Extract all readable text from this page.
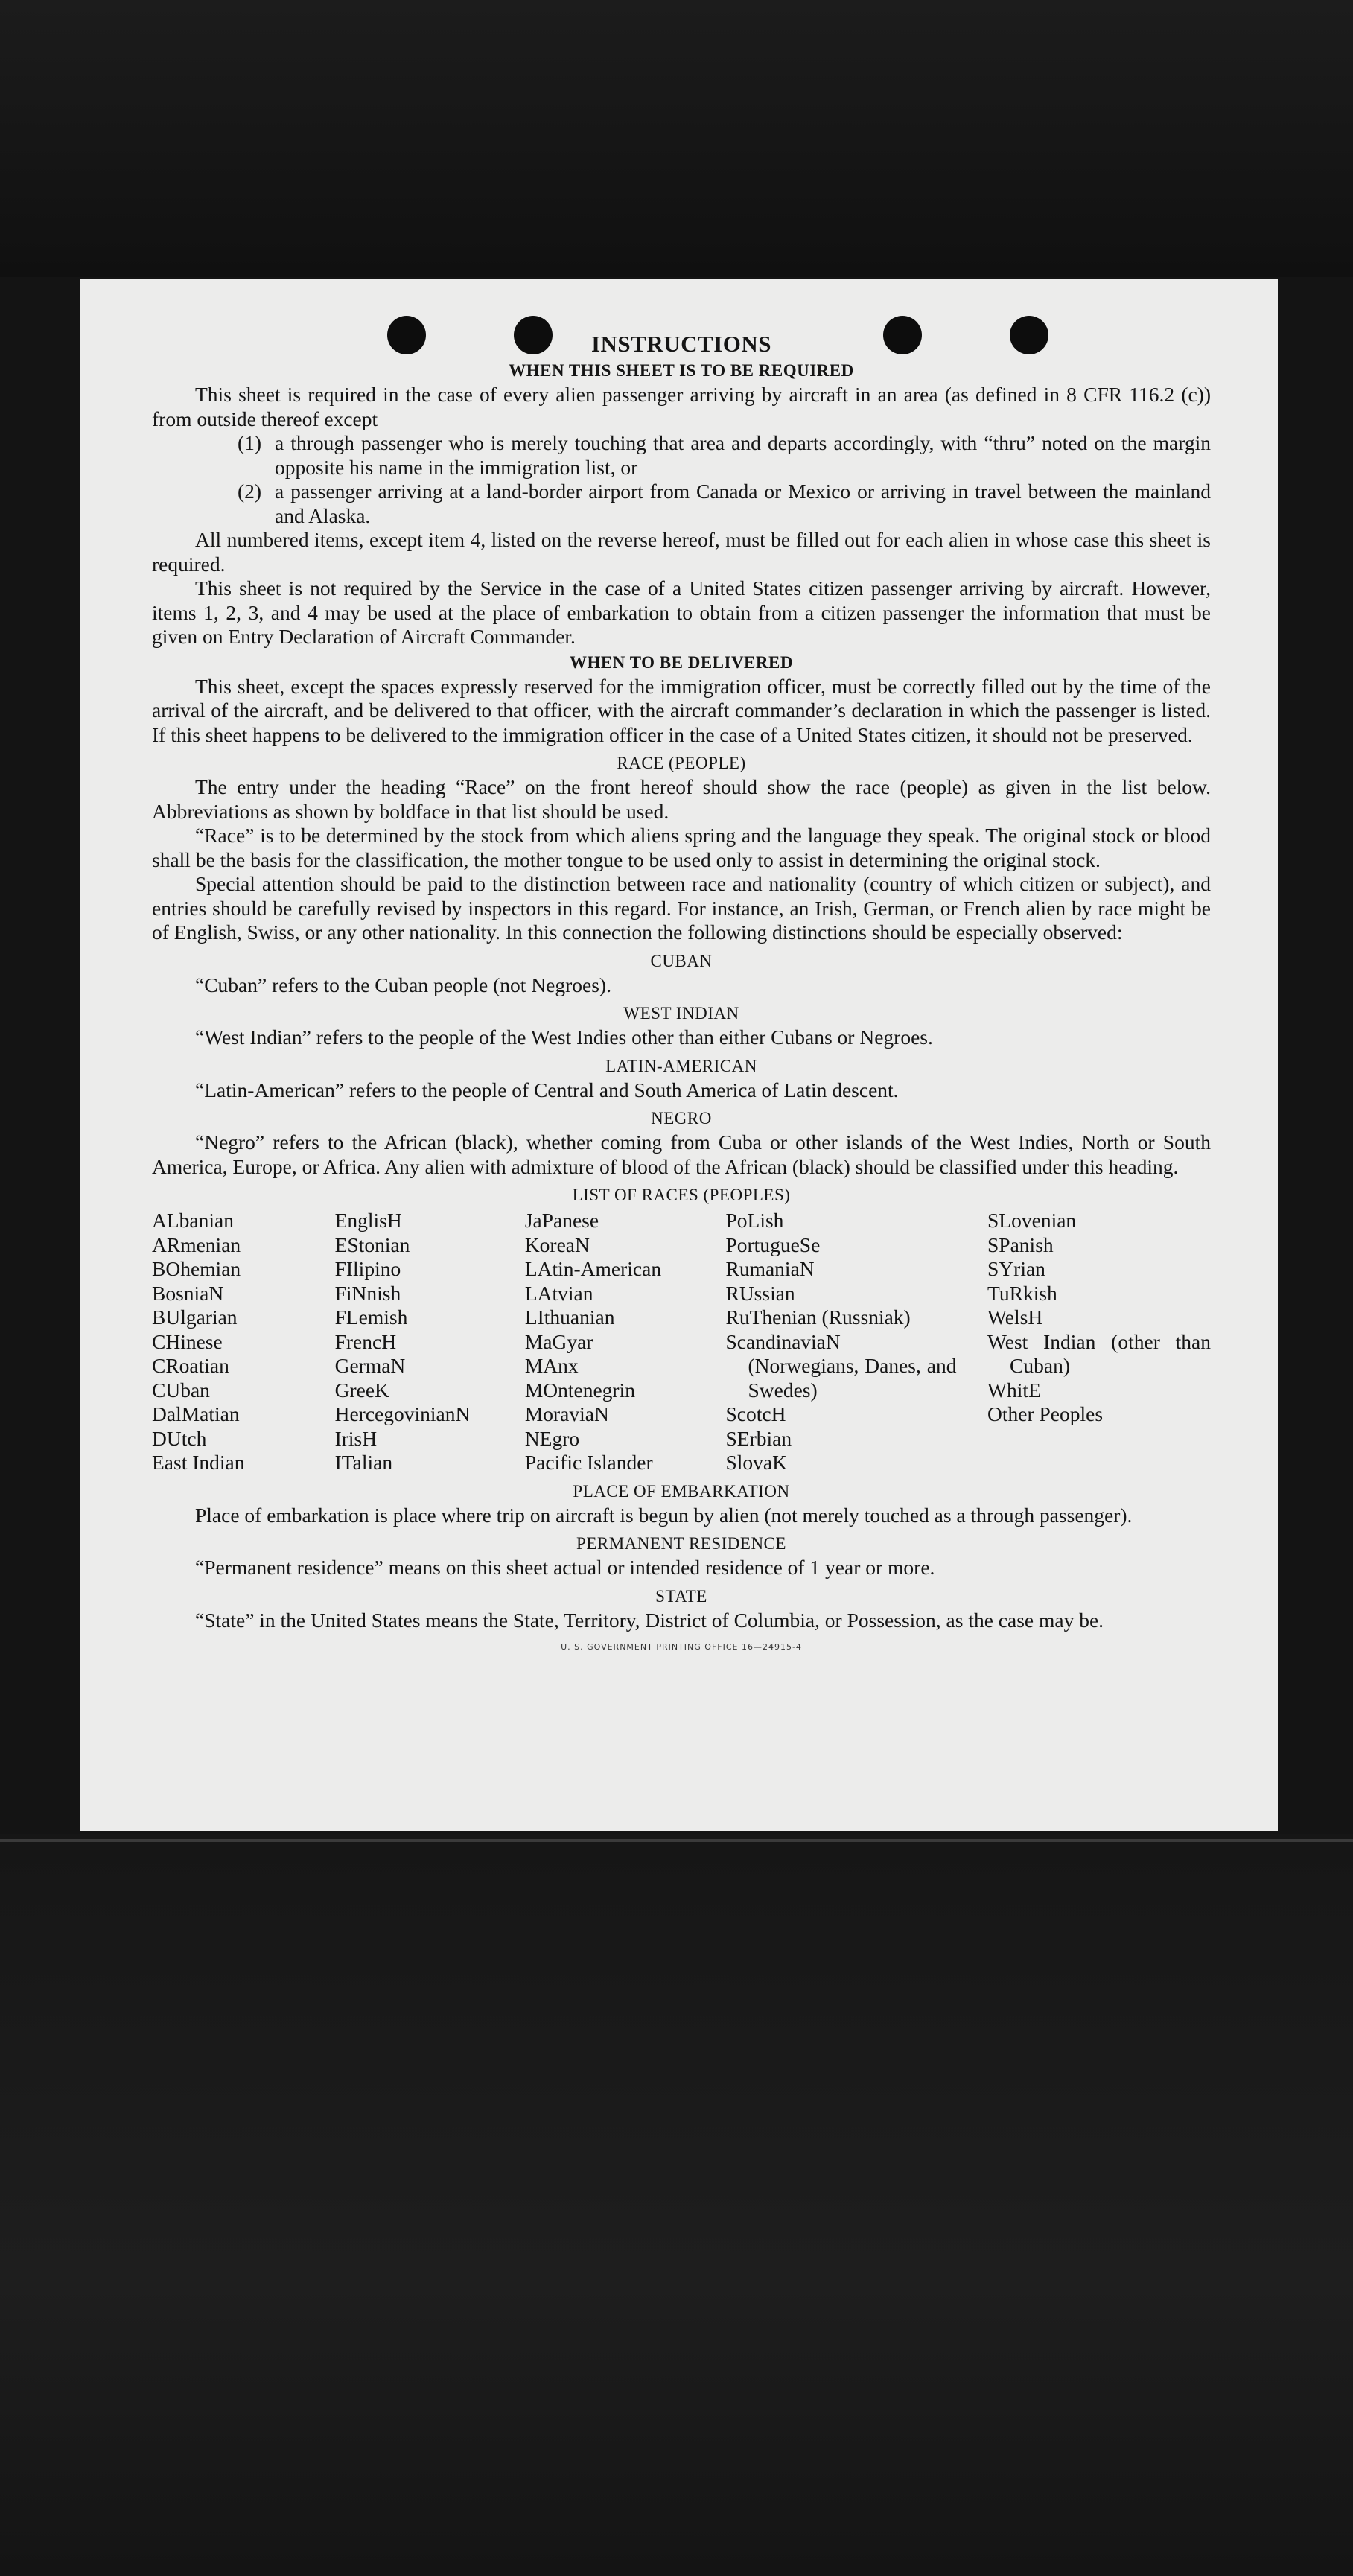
INSTRUCTIONS
WHEN THIS SHEET IS TO BE REQUIRED

This sheet is required in the case of every alien passenger arriving by aircraft in an area (as defined in 8 CFR 116.2 (c)) from outside thereof except

(1) a through passenger who is merely touching that area and departs accordingly, with “thru” noted on the margin opposite his name in the immigration list, or
(2) a passenger arriving at a land-border airport from Canada or Mexico or arriving in travel between the mainland and Alaska.

All numbered items, except item 4, listed on the reverse hereof, must be filled out for each alien in whose case this sheet is required.

This sheet is not required by the Service in the case of a United States citizen passenger arriving by aircraft. However, items 1, 2, 3, and 4 may be used at the place of embarkation to obtain from a citizen passenger the information that must be given on Entry Declaration of Aircraft Commander.

WHEN TO BE DELIVERED

This sheet, except the spaces expressly reserved for the immigration officer, must be correctly filled out by the time of the arrival of the aircraft, and be delivered to that officer, with the aircraft commander’s declaration in which the passenger is listed. If this sheet happens to be delivered to the immigration officer in the case of a United States citizen, it should not be preserved.

RACE (PEOPLE)

The entry under the heading “Race” on the front hereof should show the race (people) as given in the list below. Abbreviations as shown by boldface in that list should be used.

“Race” is to be determined by the stock from which aliens spring and the language they speak. The original stock or blood shall be the basis for the classification, the mother tongue to be used only to assist in determining the original stock.

Special attention should be paid to the distinction between race and nationality (country of which citizen or subject), and entries should be carefully revised by inspectors in this regard. For instance, an Irish, German, or French alien by race might be of English, Swiss, or any other nationality. In this connection the following distinctions should be especially observed:

CUBAN

“Cuban” refers to the Cuban people (not Negroes).

WEST INDIAN

“West Indian” refers to the people of the West Indies other than either Cubans or Negroes.

LATIN-AMERICAN

“Latin-American” refers to the people of Central and South America of Latin descent.

NEGRO

“Negro” refers to the African (black), whether coming from Cuba or other islands of the West Indies, North or South America, Europe, or Africa. Any alien with admixture of blood of the African (black) should be classified under this heading.

LIST OF RACES (PEOPLES)
ALbanian
ARmenian
BOhemian
BosniaN
BUlgarian
CHinese
CRoatian
CUban
DalMatian
DUtch
East Indian
EnglisH
EStonian
FIlipino
FiNnish
FLemish
FrencH
GermaN
GreeK
HercegovinianN
IrisH
ITalian
JaPanese
KoreaN
LAtin-American
LAtvian
LIthuanian
MaGyar
MAnx
MOntenegrin
MoraviaN
NEgro
Pacific Islander
PoLish
PortugueSe
RumaniaN
RUssian
RuThenian (Russniak)
ScandinaviaN (Norwegians, Danes, and Swedes)
ScotcH
SErbian
SlovaK
SLovenian
SPanish
SYrian
TuRkish
WelsH
West Indian (other than Cuban)
WhitE
Other Peoples
PLACE OF EMBARKATION

Place of embarkation is place where trip on aircraft is begun by alien (not merely touched as a through passenger).

PERMANENT RESIDENCE

“Permanent residence” means on this sheet actual or intended residence of 1 year or more.

STATE

“State” in the United States means the State, Territory, District of Columbia, or Possession, as the case may be.

U. S. GOVERNMENT PRINTING OFFICE 16—24915-4
